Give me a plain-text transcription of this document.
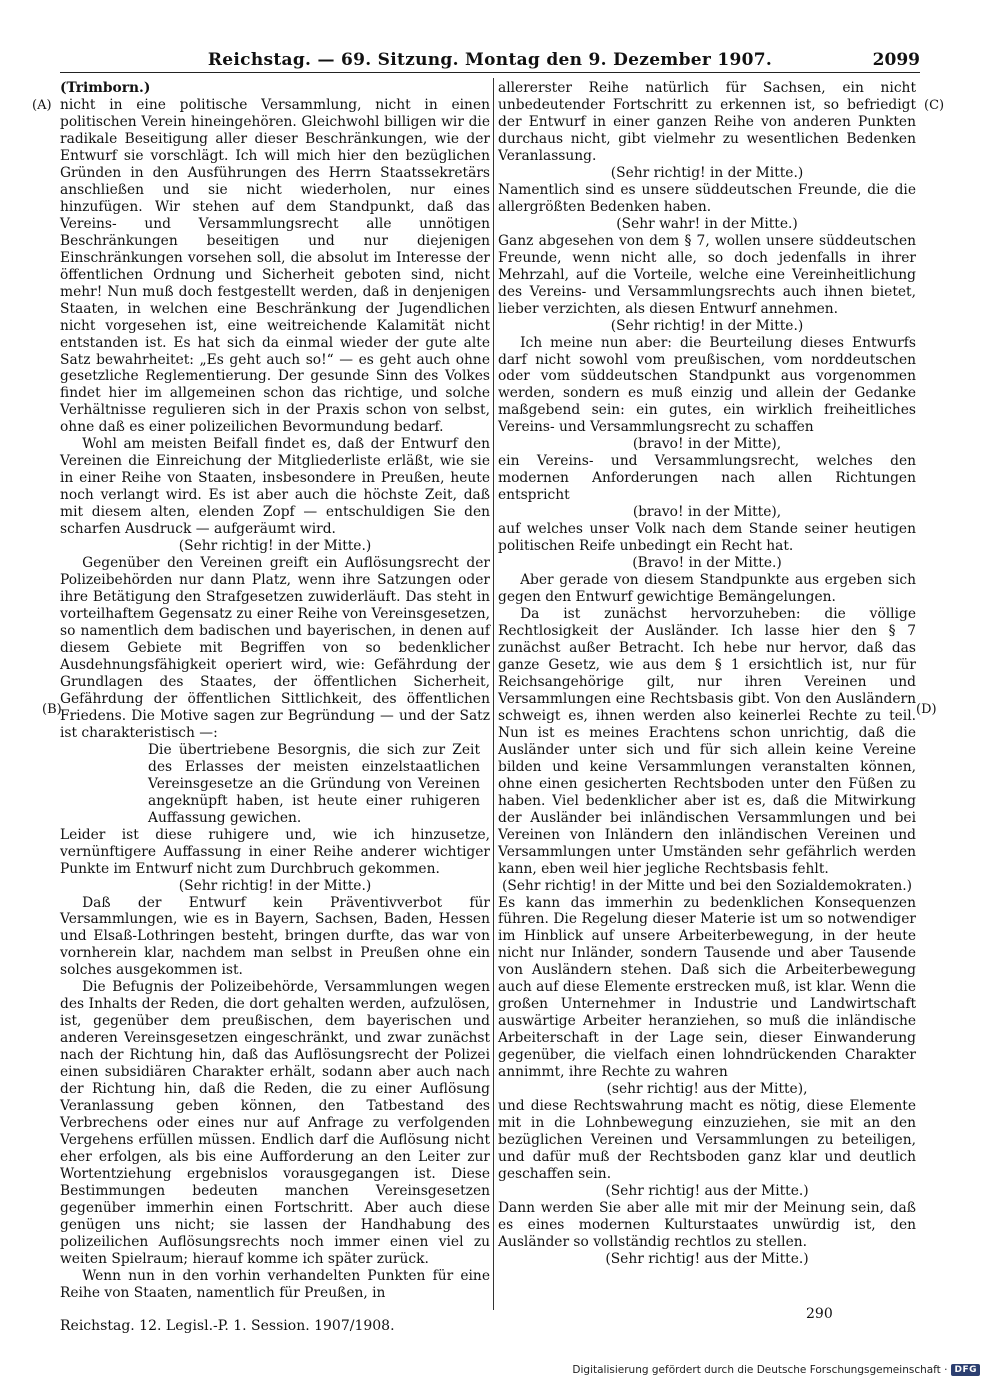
Reichstag. — 69. Sitzung. Montag den 9. Dezember 1907.	2099
(A)
(B)
(C)
(D)

(Trimborn.)

nicht in eine politische Versammlung, nicht in einen politischen Verein hineingehören. Gleichwohl billigen wir die radikale Beseitigung aller dieser Beschränkungen, wie der Entwurf sie vorschlägt. Ich will mich hier den bezüglichen Gründen in den Ausführungen des Herrn Staatssekretärs anschließen und sie nicht wiederholen, nur eines hinzufügen. Wir stehen auf dem Standpunkt, daß das Vereins- und Versammlungsrecht alle unnötigen Beschränkungen beseitigen und nur diejenigen Einschränkungen vorsehen soll, die absolut im Interesse der öffentlichen Ordnung und Sicherheit geboten sind, nicht mehr! Nun muß doch festgestellt werden, daß in denjenigen Staaten, in welchen eine Beschränkung der Jugendlichen nicht vorgesehen ist, eine weitreichende Kalamität nicht entstanden ist. Es hat sich da einmal wieder der gute alte Satz bewahrheitet: „Es geht auch so!“ — es geht auch ohne gesetzliche Reglementierung. Der gesunde Sinn des Volkes findet hier im allgemeinen schon das richtige, und solche Verhältnisse regulieren sich in der Praxis schon von selbst, ohne daß es einer polizeilichen Bevormundung bedarf.

Wohl am meisten Beifall findet es, daß der Entwurf den Vereinen die Einreichung der Mitgliederliste erläßt, wie sie in einer Reihe von Staaten, insbesondere in Preußen, heute noch verlangt wird. Es ist aber auch die höchste Zeit, daß mit diesem alten, elenden Zopf — entschuldigen Sie den scharfen Ausdruck — aufgeräumt wird.

(Sehr richtig! in der Mitte.)

Gegenüber den Vereinen greift ein Auflösungsrecht der Polizeibehörden nur dann Platz, wenn ihre Satzungen oder ihre Betätigung den Strafgesetzen zuwiderläuft. Das steht in vorteilhaftem Gegensatz zu einer Reihe von Vereinsgesetzen, so namentlich dem badischen und bayerischen, in denen auf diesem Gebiete mit Begriffen von so bedenklicher Ausdehnungsfähigkeit operiert wird, wie: Gefährdung der Grundlagen des Staates, der öffentlichen Sicherheit, Gefährdung der öffentlichen Sittlichkeit, des öffentlichen Friedens. Die Motive sagen zur Begründung — und der Satz ist charakteristisch —:

Die übertriebene Besorgnis, die sich zur Zeit des Erlasses der meisten einzelstaatlichen Vereinsgesetze an die Gründung von Vereinen angeknüpft haben, ist heute einer ruhigeren Auffassung gewichen.

Leider ist diese ruhigere und, wie ich hinzusetze, vernünftigere Auffassung in einer Reihe anderer wichtiger Punkte im Entwurf nicht zum Durchbruch gekommen.

(Sehr richtig! in der Mitte.)

Daß der Entwurf kein Präventivverbot für Versammlungen, wie es in Bayern, Sachsen, Baden, Hessen und Elsaß-Lothringen besteht, bringen durfte, das war von vornherein klar, nachdem man selbst in Preußen ohne ein solches ausgekommen ist.

Die Befugnis der Polizeibehörde, Versammlungen wegen des Inhalts der Reden, die dort gehalten werden, aufzulösen, ist, gegenüber dem preußischen, dem bayerischen und anderen Vereinsgesetzen eingeschränkt, und zwar zunächst nach der Richtung hin, daß das Auflösungsrecht der Polizei einen subsidiären Charakter erhält, sodann aber auch nach der Richtung hin, daß die Reden, die zu einer Auflösung Veranlassung geben können, den Tatbestand des Verbrechens oder eines nur auf Anfrage zu verfolgenden Vergehens erfüllen müssen. Endlich darf die Auflösung nicht eher erfolgen, als bis eine Aufforderung an den Leiter zur Wortentziehung ergebnislos vorausgegangen ist. Diese Bestimmungen bedeuten manchen Vereinsgesetzen gegenüber immerhin einen Fortschritt. Aber auch diese genügen uns nicht; sie lassen der Handhabung des polizeilichen Auflösungsrechts noch immer einen viel zu weiten Spielraum; hierauf komme ich später zurück.

Wenn nun in den vorhin verhandelten Punkten für eine Reihe von Staaten, namentlich für Preußen, in

allererster Reihe natürlich für Sachsen, ein nicht unbedeutender Fortschritt zu erkennen ist, so befriedigt der Entwurf in einer ganzen Reihe von anderen Punkten durchaus nicht, gibt vielmehr zu wesentlichen Bedenken Veranlassung.

(Sehr richtig! in der Mitte.)

Namentlich sind es unsere süddeutschen Freunde, die die allergrößten Bedenken haben.

(Sehr wahr! in der Mitte.)

Ganz abgesehen von dem § 7, wollen unsere süddeutschen Freunde, wenn nicht alle, so doch jedenfalls in ihrer Mehrzahl, auf die Vorteile, welche eine Vereinheitlichung des Vereins- und Versammlungsrechts auch ihnen bietet, lieber verzichten, als diesen Entwurf annehmen.

(Sehr richtig! in der Mitte.)

Ich meine nun aber: die Beurteilung dieses Entwurfs darf nicht sowohl vom preußischen, vom norddeutschen oder vom süddeutschen Standpunkt aus vorgenommen werden, sondern es muß einzig und allein der Gedanke maßgebend sein: ein gutes, ein wirklich freiheitliches Vereins- und Versammlungsrecht zu schaffen

(bravo! in der Mitte),

ein Vereins- und Versammlungsrecht, welches den modernen Anforderungen nach allen Richtungen entspricht

(bravo! in der Mitte),

auf welches unser Volk nach dem Stande seiner heutigen politischen Reife unbedingt ein Recht hat.

(Bravo! in der Mitte.)

Aber gerade von diesem Standpunkte aus ergeben sich gegen den Entwurf gewichtige Bemängelungen.

Da ist zunächst hervorzuheben: die völlige Rechtlosigkeit der Ausländer. Ich lasse hier den § 7 zunächst außer Betracht. Ich hebe nur hervor, daß das ganze Gesetz, wie aus dem § 1 ersichtlich ist, nur für Reichsangehörige gilt, nur ihren Vereinen und Versammlungen eine Rechtsbasis gibt. Von den Ausländern schweigt es, ihnen werden also keinerlei Rechte zu teil. Nun ist es meines Erachtens schon unrichtig, daß die Ausländer unter sich und für sich allein keine Vereine bilden und keine Versammlungen veranstalten können, ohne einen gesicherten Rechtsboden unter den Füßen zu haben. Viel bedenklicher aber ist es, daß die Mitwirkung der Ausländer bei inländischen Versammlungen und bei Vereinen von Inländern den inländischen Vereinen und Versammlungen unter Umständen sehr gefährlich werden kann, eben weil hier jegliche Rechtsbasis fehlt.

(Sehr richtig! in der Mitte und bei den Sozialdemokraten.)

Es kann das immerhin zu bedenklichen Konsequenzen führen. Die Regelung dieser Materie ist um so notwendiger im Hinblick auf unsere Arbeiterbewegung, in der heute nicht nur Inländer, sondern Tausende und aber Tausende von Ausländern stehen. Daß sich die Arbeiterbewegung auch auf diese Elemente erstrecken muß, ist klar. Wenn die großen Unternehmer in Industrie und Landwirtschaft auswärtige Arbeiter heranziehen, so muß die inländische Arbeiterschaft in der Lage sein, dieser Einwanderung gegenüber, die vielfach einen lohndrückenden Charakter annimmt, ihre Rechte zu wahren

(sehr richtig! aus der Mitte),

und diese Rechtswahrung macht es nötig, diese Elemente mit in die Lohnbewegung einzuziehen, sie mit an den bezüglichen Vereinen und Versammlungen zu beteiligen, und dafür muß der Rechtsboden ganz klar und deutlich geschaffen sein.

(Sehr richtig! aus der Mitte.)

Dann werden Sie aber alle mit mir der Meinung sein, daß es eines modernen Kulturstaates unwürdig ist, den Ausländer so vollständig rechtlos zu stellen.

(Sehr richtig! aus der Mitte.)

Reichstag. 12. Legisl.-P. 1. Session. 1907/1908.
290
Digitalisierung gefördert durch die Deutsche Forschungsgemeinschaft · DFG
